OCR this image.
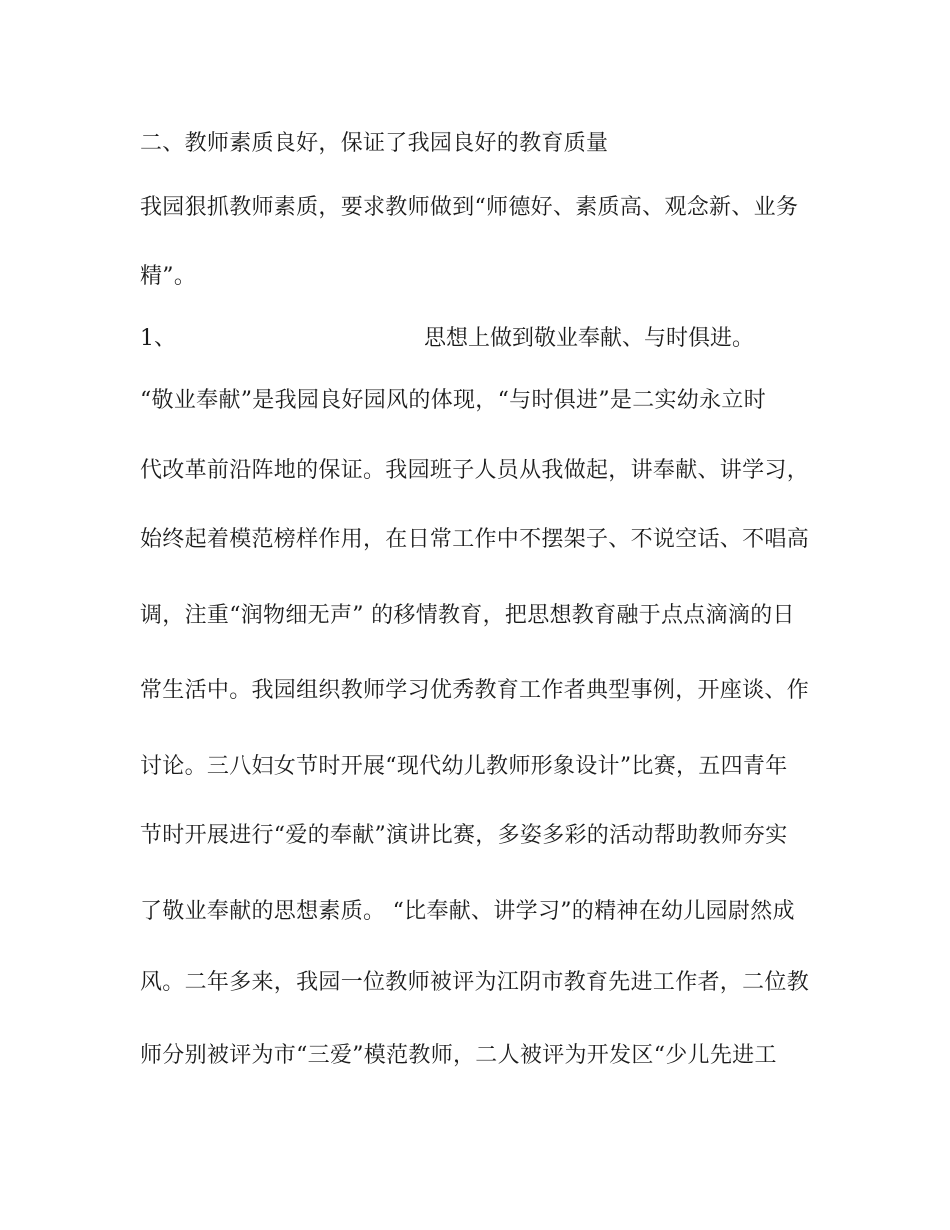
二、教师素质良好，保证了我园良好的教育质量
我园狠抓教师素质，要求教师做到“师德好、素质高、观念新、业务
精”。
1、	思想上做到敬业奉献、与时俱进。
“敬业奉献”是我园良好园风的体现，“与时俱进”是二实幼永立时
代改革前沿阵地的保证。我园班子人员从我做起，讲奉献、讲学习，
始终起着模范榜样作用，在日常工作中不摆架子、不说空话、不唱高
调，注重“润物细无声” 的移情教育，把思想教育融于点点滴滴的日
常生活中。我园组织教师学习优秀教育工作者典型事例，开座谈、作
讨论。三八妇女节时开展“现代幼儿教师形象设计”比赛，五四青年
节时开展进行“爱的奉献”演讲比赛，多姿多彩的活动帮助教师夯实
了敬业奉献的思想素质。 “比奉献、讲学习”的精神在幼儿园尉然成
风。二年多来，我园一位教师被评为江阴市教育先进工作者，二位教
师分别被评为市“三爱”模范教师，二人被评为开发区“少儿先进工
